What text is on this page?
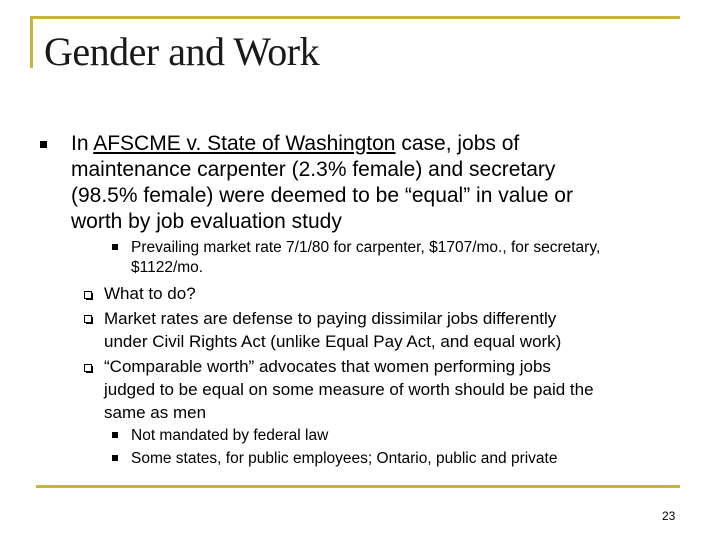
Gender and Work
In AFSCME v. State of Washington case, jobs of
maintenance carpenter (2.3% female) and secretary
(98.5% female) were deemed to be “equal” in value or
worth by job evaluation study
Prevailing market rate 7/1/80 for carpenter, $1707/mo., for secretary,
$1122/mo.
What to do?
Market rates are defense to paying dissimilar jobs differently
under Civil Rights Act (unlike Equal Pay Act, and equal work)
“Comparable worth” advocates that women performing jobs
judged to be equal on some measure of worth should be paid the
same as men
Not mandated by federal law
Some states, for public employees; Ontario, public and private
23
